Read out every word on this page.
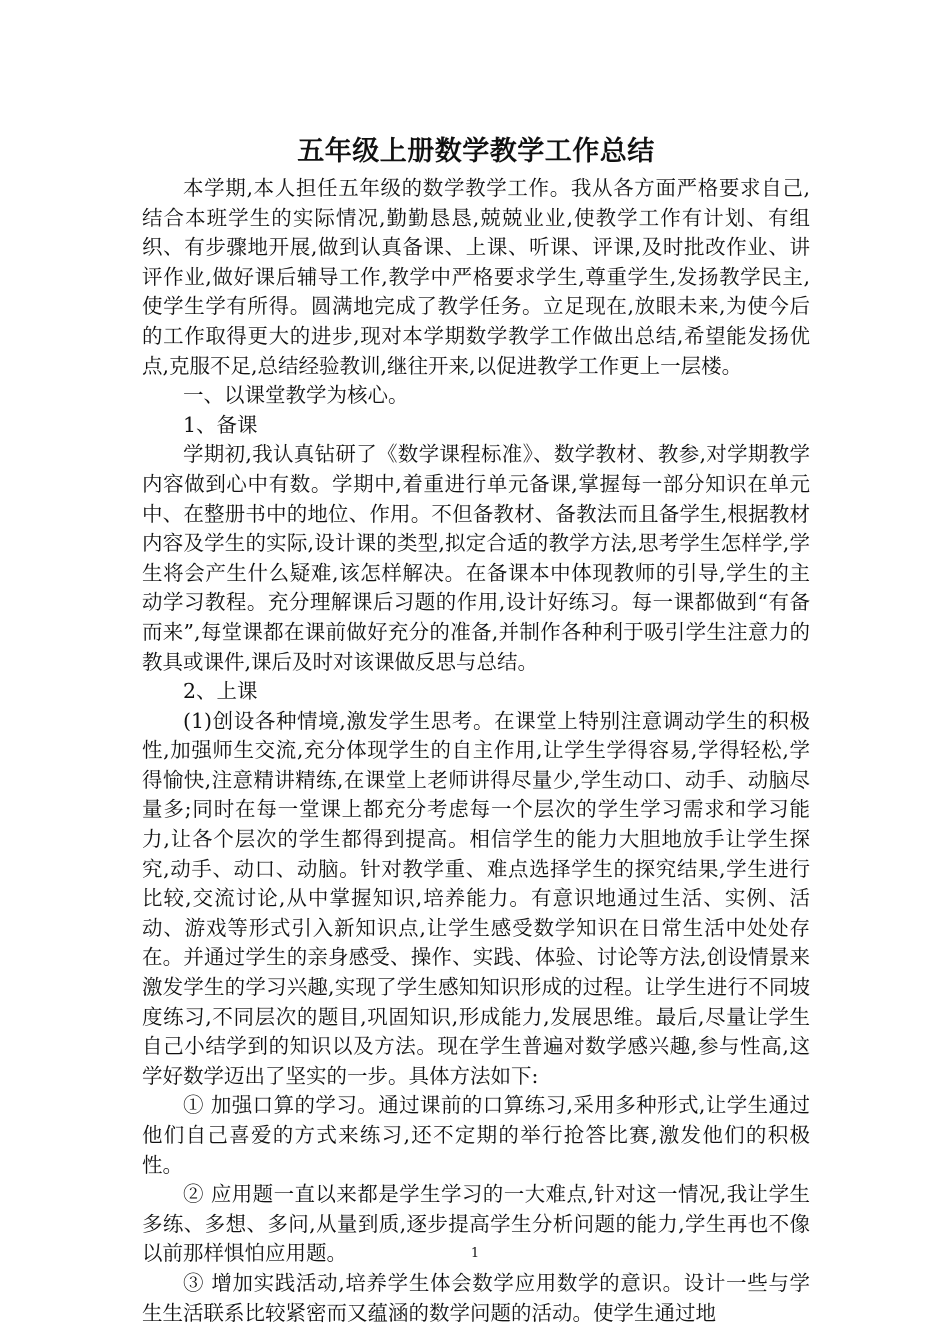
五年级上册数学教学工作总结

本学期,本人担任五年级的数学教学工作。我从各方面严格要求自己,结合本班学生的实际情况,勤勤恳恳,兢兢业业,使教学工作有计划、有组织、有步骤地开展,做到认真备课、上课、听课、评课,及时批改作业、讲评作业,做好课后辅导工作,教学中严格要求学生,尊重学生,发扬教学民主,使学生学有所得。圆满地完成了教学任务。立足现在,放眼未来,为使今后的工作取得更大的进步,现对本学期数学教学工作做出总结,希望能发扬优点,克服不足,总结经验教训,继往开来,以促进教学工作更上一层楼。

一、以课堂教学为核心。

1、备课

学期初,我认真钻研了《数学课程标准》、数学教材、教参,对学期教学内容做到心中有数。学期中,着重进行单元备课,掌握每一部分知识在单元中、在整册书中的地位、作用。不但备教材、备教法而且备学生,根据教材内容及学生的实际,设计课的类型,拟定合适的教学方法,思考学生怎样学,学生将会产生什么疑难,该怎样解决。在备课本中体现教师的引导,学生的主动学习教程。充分理解课后习题的作用,设计好练习。每一课都做到“有备而来”,每堂课都在课前做好充分的准备,并制作各种利于吸引学生注意力的教具或课件,课后及时对该课做反思与总结。

2、上课

(1)创设各种情境,激发学生思考。在课堂上特别注意调动学生的积极性,加强师生交流,充分体现学生的自主作用,让学生学得容易,学得轻松,学得愉快,注意精讲精练,在课堂上老师讲得尽量少,学生动口、动手、动脑尽量多;同时在每一堂课上都充分考虑每一个层次的学生学习需求和学习能力,让各个层次的学生都得到提高。相信学生的能力大胆地放手让学生探究,动手、动口、动脑。针对教学重、难点选择学生的探究结果,学生进行比较,交流讨论,从中掌握知识,培养能力。有意识地通过生活、实例、活动、游戏等形式引入新知识点,让学生感受数学知识在日常生活中处处存在。并通过学生的亲身感受、操作、实践、体验、讨论等方法,创设情景来激发学生的学习兴趣,实现了学生感知知识形成的过程。让学生进行不同坡度练习,不同层次的题目,巩固知识,形成能力,发展思维。最后,尽量让学生自己小结学到的知识以及方法。现在学生普遍对数学感兴趣,参与性高,这学好数学迈出了坚实的一步。具体方法如下:

① 加强口算的学习。通过课前的口算练习,采用多种形式,让学生通过他们自己喜爱的方式来练习,还不定期的举行抢答比赛,激发他们的积极性。

② 应用题一直以来都是学生学习的一大难点,针对这一情况,我让学生多练、多想、多问,从量到质,逐步提高学生分析问题的能力,学生再也不像以前那样惧怕应用题。

③ 增加实践活动,培养学生体会数学应用数学的意识。设计一些与学生生活联系比较紧密而又蕴涵的数学问题的活动。使学生通过地

1
